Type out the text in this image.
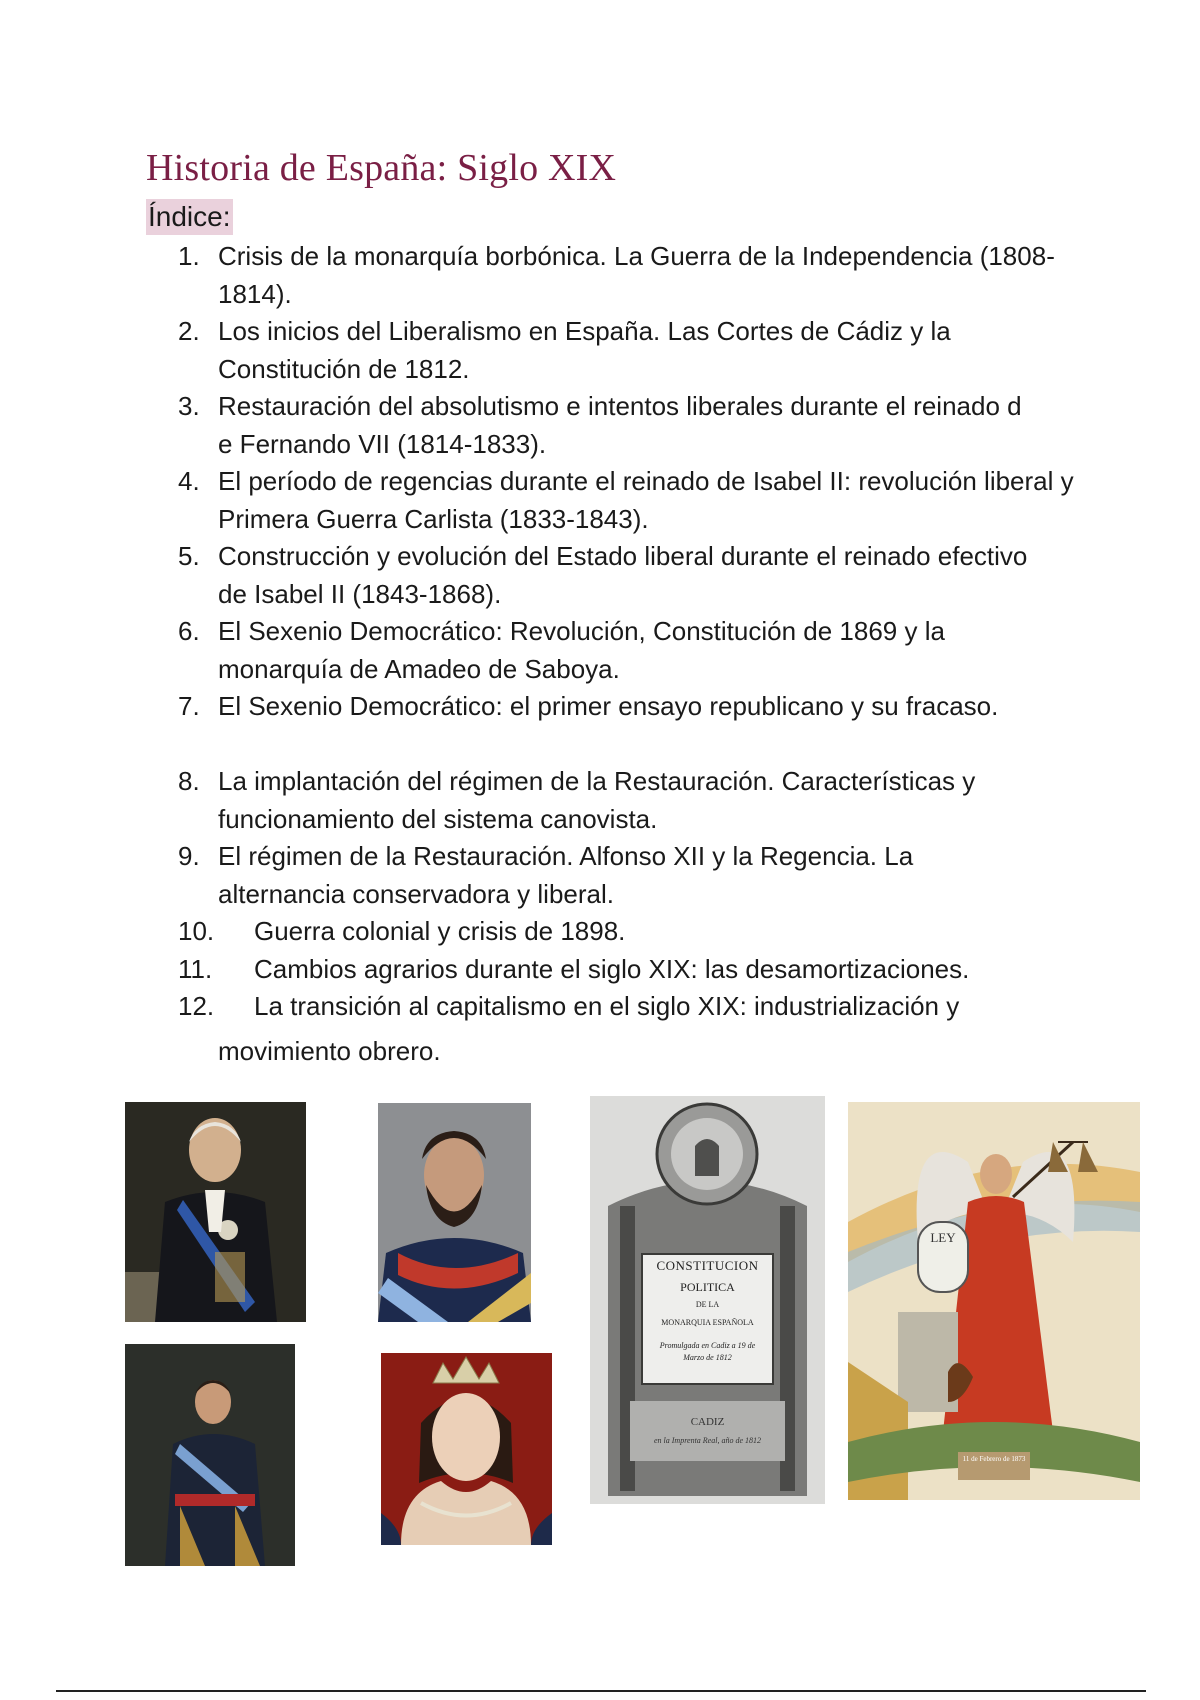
Historia de España: Siglo XIX
Índice:
1. Crisis de la monarquía borbónica. La Guerra de la Independencia (1808-1814).
2. Los inicios del Liberalismo en España. Las Cortes de Cádiz y la Constitución de 1812.
3. Restauración del absolutismo e intentos liberales durante el reinado d e Fernando VII (1814-1833).
4. El período de regencias durante el reinado de Isabel II: revolución liberal y Primera Guerra Carlista (1833-1843).
5. Construcción y evolución del Estado liberal durante el reinado efectivo de Isabel II (1843-1868).
6. El Sexenio Democrático: Revolución, Constitución de 1869 y la monarquía de Amadeo de Saboya.
7. El Sexenio Democrático: el primer ensayo republicano y su fracaso.
8. La implantación del régimen de la Restauración. Características y funcionamiento del sistema canovista.
9. El régimen de la Restauración. Alfonso XII y la Regencia. La alternancia conservadora y liberal.
10.	Guerra colonial y crisis de 1898.
11.	Cambios agrarios durante el siglo XIX: las desamortizaciones.
12.	La transición al capitalismo en el siglo XIX: industrialización y
movimiento obrero.
CONSTITUCION
POLITICA
DE LA
MONARQUIA ESPAÑOLA
Promulgada en Cadiz a 19 de Marzo de 1812
CADIZ
en la Imprenta Real, año de 1812
LEY
11 de Febrero de 1873
